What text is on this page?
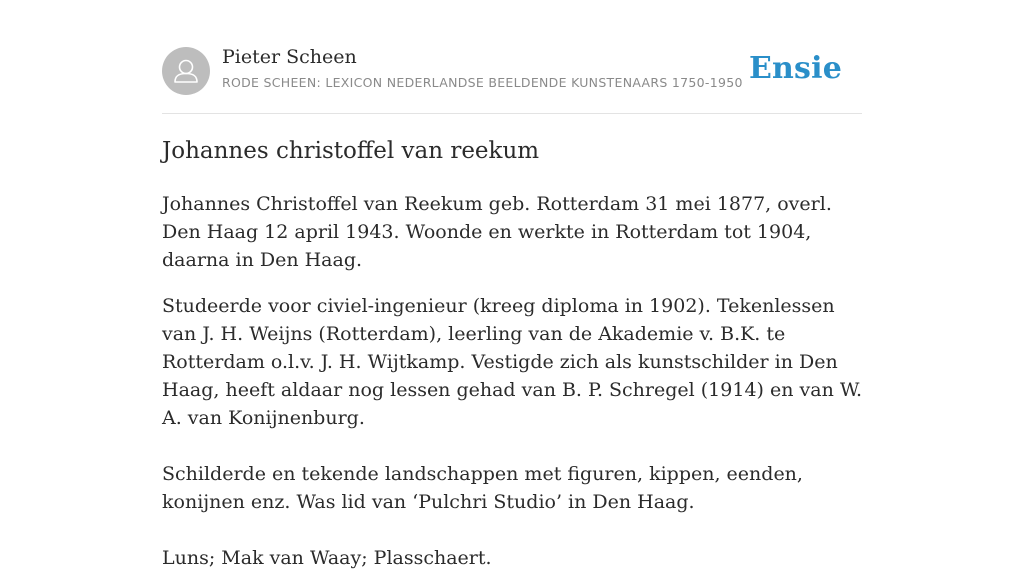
Pieter Scheen
RODE SCHEEN: LEXICON NEDERLANDSE BEELDENDE KUNSTENAARS 1750-1950 Ensie
Johannes christoffel van reekum

Johannes Christoffel van Reekum geb. Rotterdam 31 mei 1877, overl. Den Haag 12 april 1943. Woonde en werkte in Rotterdam tot 1904, daarna in Den Haag.

Studeerde voor civiel-ingenieur (kreeg diploma in 1902). Tekenlessen van J. H. Weijns (Rotterdam), leerling van de Akademie v. B.K. te Rotterdam o.l.v. J. H. Wijtkamp. Vestigde zich als kunstschilder in Den Haag, heeft aldaar nog lessen gehad van B. P. Schregel (1914) en van W. A. van Konijnenburg.

Schilderde en tekende landschappen met figuren, kippen, eenden, konijnen enz. Was lid van ‘Pulchri Studio’ in Den Haag.

Luns; Mak van Waay; Plasschaert.
